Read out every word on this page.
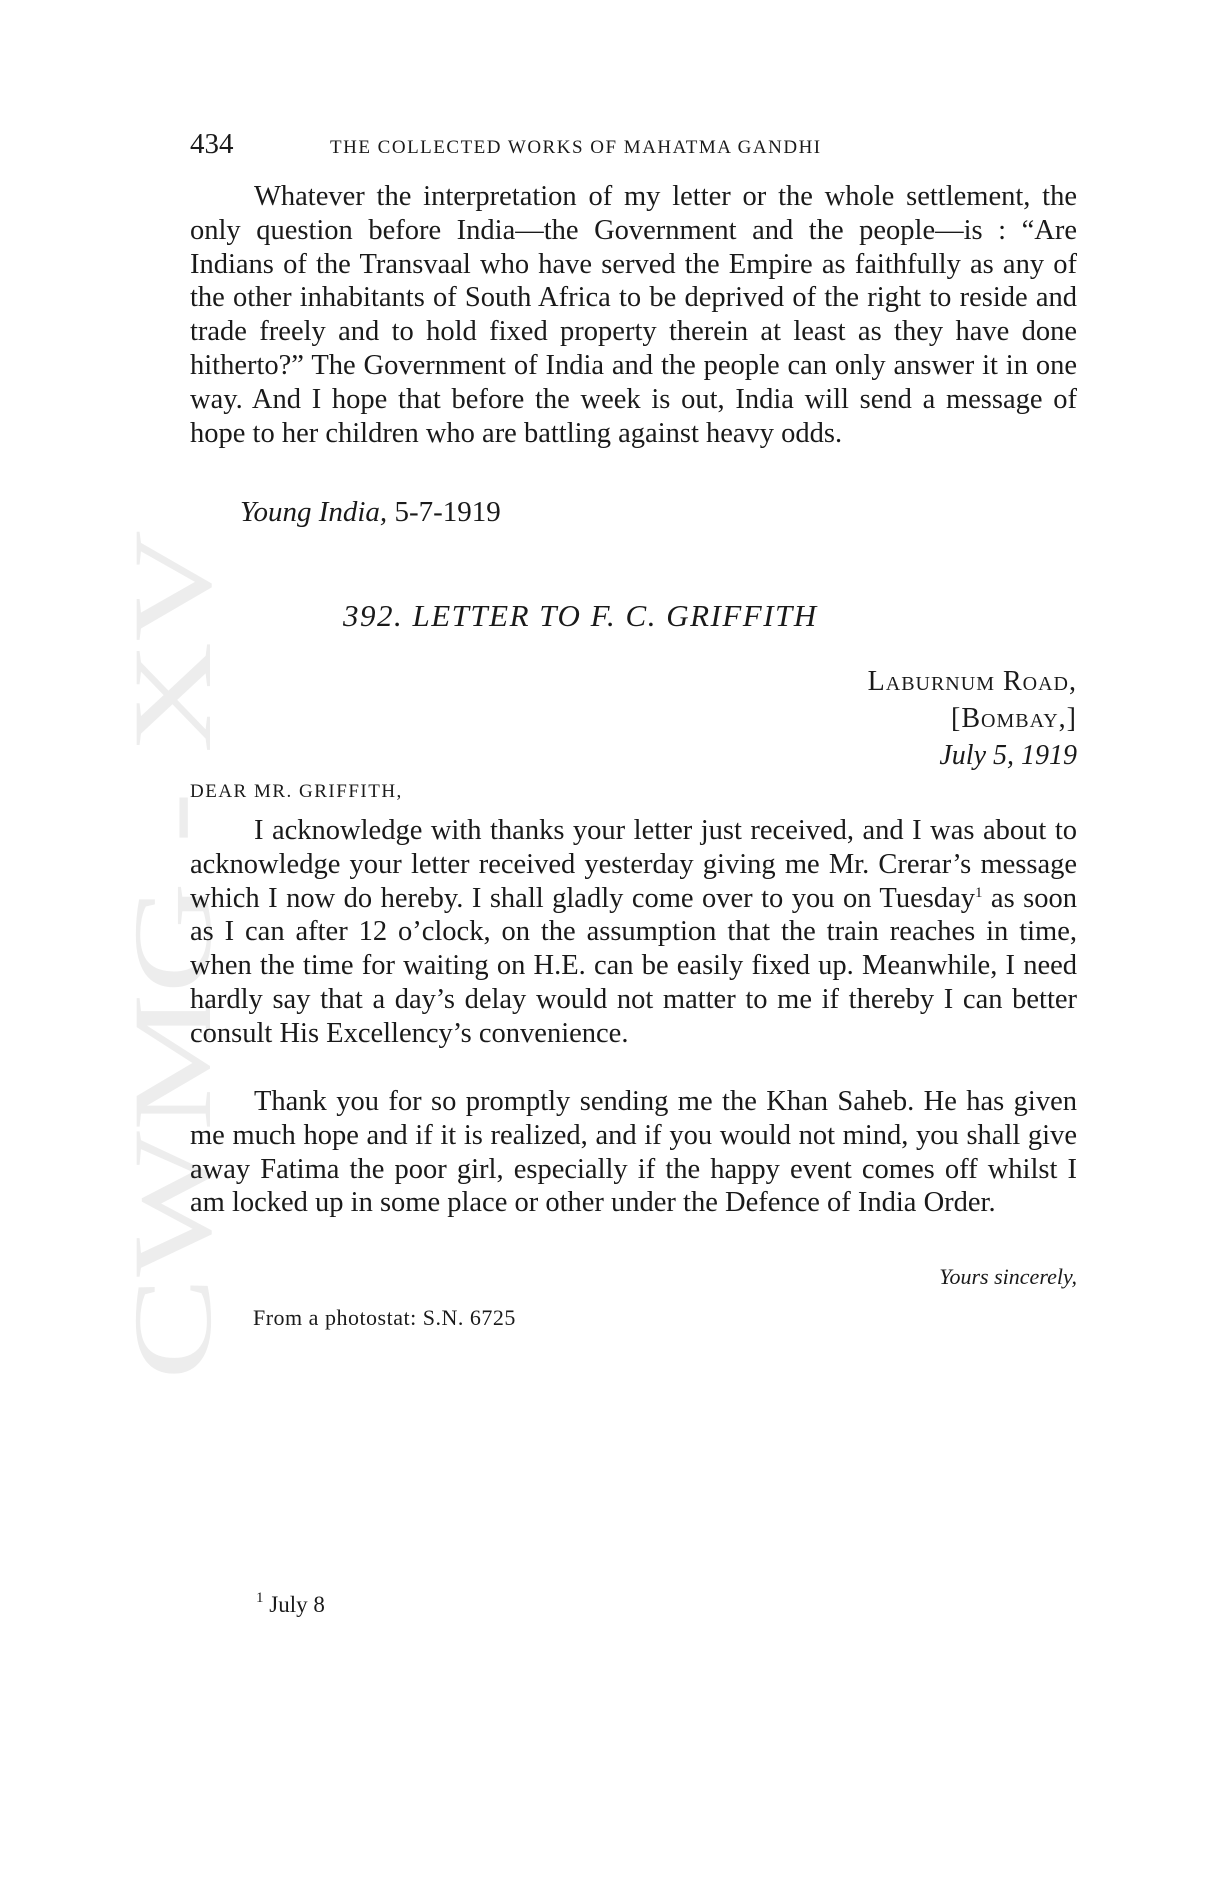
CWMG - XV
434	THE COLLECTED WORKS OF MAHATMA GANDHI

Whatever the interpretation of my letter or the whole settlement, the only question before India—the Government and the people—is : “Are Indians of the Transvaal who have served the Empire as faithfully as any of the other inhabitants of South Africa to be deprived of the right to reside and trade freely and to hold fixed property therein at least as they have done hitherto?” The Government of India and the people can only answer it in one way. And I hope that before the week is out, India will send a message of hope to her children who are battling against heavy odds.

Young India, 5-7-1919
392. LETTER TO F. C. GRIFFITH
Laburnum Road,
[Bombay,]
July 5, 1919
DEAR MR. GRIFFITH,

I acknowledge with thanks your letter just received, and I was about to acknowledge your letter received yesterday giving me Mr. Crerar’s message which I now do hereby. I shall gladly come over to you on Tuesday$^1$ as soon as I can after 12 o’clock, on the assumption that the train reaches in time, when the time for waiting on H.E. can be easily fixed up. Meanwhile, I need hardly say that a day’s delay would not matter to me if thereby I can better consult His Excellency’s convenience.

Thank you for so promptly sending me the Khan Saheb. He has given me much hope and if it is realized, and if you would not mind, you shall give away Fatima the poor girl, especially if the happy event comes off whilst I am locked up in some place or other under the Defence of India Order.

Yours sincerely,
From a photostat: S.N. 6725
$^1$ July 8
